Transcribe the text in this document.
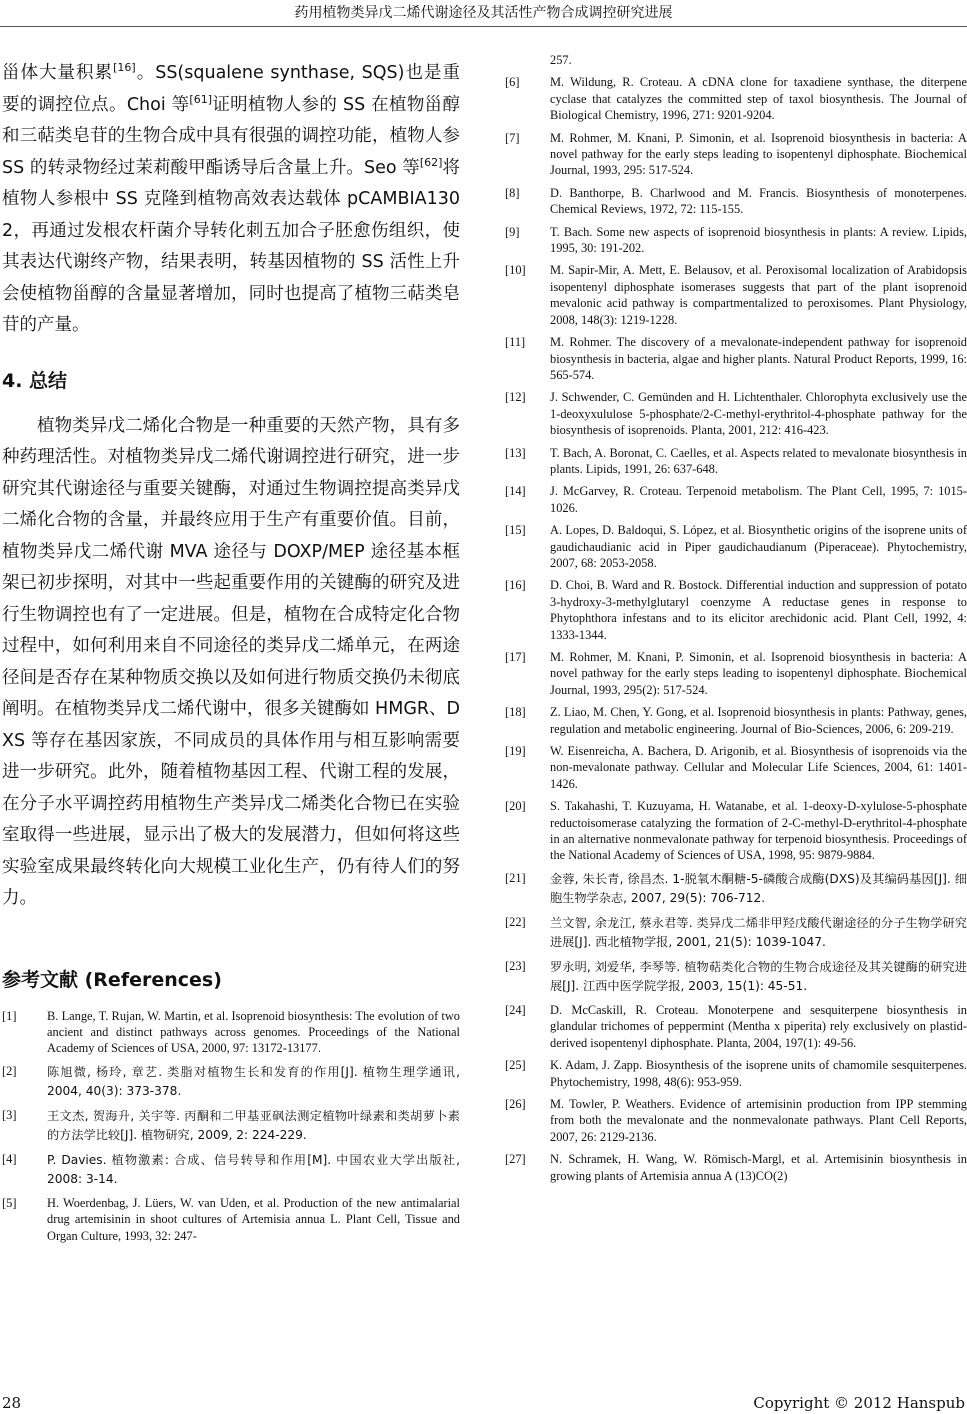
药用植物类异戊二烯代谢途径及其活性产物合成调控研究进展

甾体大量积累[16]。SS(squalene synthase, SQS)也是重要的调控位点。Choi 等[61]证明植物人参的 SS 在植物甾醇和三萜类皂苷的生物合成中具有很强的调控功能，植物人参 SS 的转录物经过茉莉酸甲酯诱导后含量上升。Seo 等[62]将植物人参根中 SS 克隆到植物高效表达载体 pCAMBIA1302，再通过发根农杆菌介导转化刺五加合子胚愈伤组织，使其表达代谢终产物，结果表明，转基因植物的 SS 活性上升会使植物甾醇的含量显著增加，同时也提高了植物三萜类皂苷的产量。

4. 总结

植物类异戊二烯化合物是一种重要的天然产物，具有多种药理活性。对植物类异戊二烯代谢调控进行研究，进一步研究其代谢途径与重要关键酶，对通过生物调控提高类异戊二烯化合物的含量，并最终应用于生产有重要价值。目前，植物类异戊二烯代谢 MVA 途径与 DOXP/MEP 途径基本框架已初步探明，对其中一些起重要作用的关键酶的研究及进行生物调控也有了一定进展。但是，植物在合成特定化合物过程中，如何利用来自不同途径的类异戊二烯单元，在两途径间是否存在某种物质交换以及如何进行物质交换仍未彻底阐明。在植物类异戊二烯代谢中，很多关键酶如 HMGR、DXS 等存在基因家族，不同成员的具体作用与相互影响需要进一步研究。此外，随着植物基因工程、代谢工程的发展，在分子水平调控药用植物生产类异戊二烯类化合物已在实验室取得一些进展，显示出了极大的发展潜力，但如何将这些实验室成果最终转化向大规模工业化生产，仍有待人们的努力。

参考文献 (References)
[1]	B. Lange, T. Rujan, W. Martin, et al. Isoprenoid biosynthesis: The evolution of two ancient and distinct pathways across genomes. Proceedings of the National Academy of Sciences of USA, 2000, 97: 13172-13177.
[2]	陈旭微, 杨玲, 章艺. 类脂对植物生长和发育的作用[J]. 植物生理学通讯, 2004, 40(3): 373-378.
[3]	王文杰, 贺海升, 关宇等. 丙酮和二甲基亚砜法测定植物叶绿素和类胡萝卜素的方法学比较[J]. 植物研究, 2009, 2: 224-229.
[4]	P. Davies. 植物激素: 合成、信号转导和作用[M]. 中国农业大学出版社, 2008: 3-14.
[5]	H. Woerdenbag, J. Lüers, W. van Uden, et al. Production of the new antimalarial drug artemisinin in shoot cultures of Artemisia annua L. Plant Cell, Tissue and Organ Culture, 1993, 32: 247-
257.
[6]	M. Wildung, R. Croteau. A cDNA clone for taxadiene synthase, the diterpene cyclase that catalyzes the committed step of taxol biosynthesis. The Journal of Biological Chemistry, 1996, 271: 9201-9204.
[7]	M. Rohmer, M. Knani, P. Simonin, et al. Isoprenoid biosynthesis in bacteria: A novel pathway for the early steps leading to isopentenyl diphosphate. Biochemical Journal, 1993, 295: 517-524.
[8]	D. Banthorpe, B. Charlwood and M. Francis. Biosynthesis of monoterpenes. Chemical Reviews, 1972, 72: 115-155.
[9]	T. Bach. Some new aspects of isoprenoid biosynthesis in plants: A review. Lipids, 1995, 30: 191-202.
[10]	M. Sapir-Mir, A. Mett, E. Belausov, et al. Peroxisomal localization of Arabidopsis isopentenyl diphosphate isomerases suggests that part of the plant isoprenoid mevalonic acid pathway is compartmentalized to peroxisomes. Plant Physiology, 2008, 148(3): 1219-1228.
[11]	M. Rohmer. The discovery of a mevalonate-independent pathway for isoprenoid biosynthesis in bacteria, algae and higher plants. Natural Product Reports, 1999, 16: 565-574.
[12]	J. Schwender, C. Gemünden and H. Lichtenthaler. Chlorophyta exclusively use the 1-deoxyxululose 5-phosphate/2-C-methyl-erythritol-4-phosphate pathway for the biosynthesis of isoprenoids. Planta, 2001, 212: 416-423.
[13]	T. Bach, A. Boronat, C. Caelles, et al. Aspects related to mevalonate biosynthesis in plants. Lipids, 1991, 26: 637-648.
[14]	J. McGarvey, R. Croteau. Terpenoid metabolism. The Plant Cell, 1995, 7: 1015-1026.
[15]	A. Lopes, D. Baldoqui, S. López, et al. Biosynthetic origins of the isoprene units of gaudichaudianic acid in Piper gaudichaudianum (Piperaceae). Phytochemistry, 2007, 68: 2053-2058.
[16]	D. Choi, B. Ward and R. Bostock. Differential induction and suppression of potato 3-hydroxy-3-methylglutaryl coenzyme A reductase genes in response to Phytophthora infestans and to its elicitor arechidonic acid. Plant Cell, 1992, 4: 1333-1344.
[17]	M. Rohmer, M. Knani, P. Simonin, et al. Isoprenoid biosynthesis in bacteria: A novel pathway for the early steps leading to isopentenyl diphosphate. Biochemical Journal, 1993, 295(2): 517-524.
[18]	Z. Liao, M. Chen, Y. Gong, et al. Isoprenoid biosynthesis in plants: Pathway, genes, regulation and metabolic engineering. Journal of Bio-Sciences, 2006, 6: 209-219.
[19]	W. Eisenreicha, A. Bachera, D. Arigonib, et al. Biosynthesis of isoprenoids via the non-mevalonate pathway. Cellular and Molecular Life Sciences, 2004, 61: 1401-1426.
[20]	S. Takahashi, T. Kuzuyama, H. Watanabe, et al. 1-deoxy-D-xylulose-5-phosphate reductoisomerase catalyzing the formation of 2-C-methyl-D-erythritol-4-phosphate in an alternative nonmevalonate pathway for terpenoid biosynthesis. Proceedings of the National Academy of Sciences of USA, 1998, 95: 9879-9884.
[21]	金蓉, 朱长青, 徐昌杰. 1-脱氧木酮糖-5-磷酸合成酶(DXS)及其编码基因[J]. 细胞生物学杂志, 2007, 29(5): 706-712.
[22]	兰文智, 余龙江, 蔡永君等. 类异戊二烯非甲羟戊酸代谢途径的分子生物学研究进展[J]. 西北植物学报, 2001, 21(5): 1039-1047.
[23]	罗永明, 刘爱华, 李琴等. 植物萜类化合物的生物合成途径及其关键酶的研究进展[J]. 江西中医学院学报, 2003, 15(1): 45-51.
[24]	D. McCaskill, R. Croteau. Monoterpene and sesquiterpene biosynthesis in glandular trichomes of peppermint (Mentha x piperita) rely exclusively on plastid-derived isopentenyl diphosphate. Planta, 2004, 197(1): 49-56.
[25]	K. Adam, J. Zapp. Biosynthesis of the isoprene units of chamomile sesquiterpenes. Phytochemistry, 1998, 48(6): 953-959.
[26]	M. Towler, P. Weathers. Evidence of artemisinin production from IPP stemming from both the mevalonate and the nonmevalonate pathways. Plant Cell Reports, 2007, 26: 2129-2136.
[27]	N. Schramek, H. Wang, W. Römisch-Margl, et al. Artemisinin biosynthesis in growing plants of Artemisia annua A (13)CO(2)
28	Copyright © 2012 Hanspub
